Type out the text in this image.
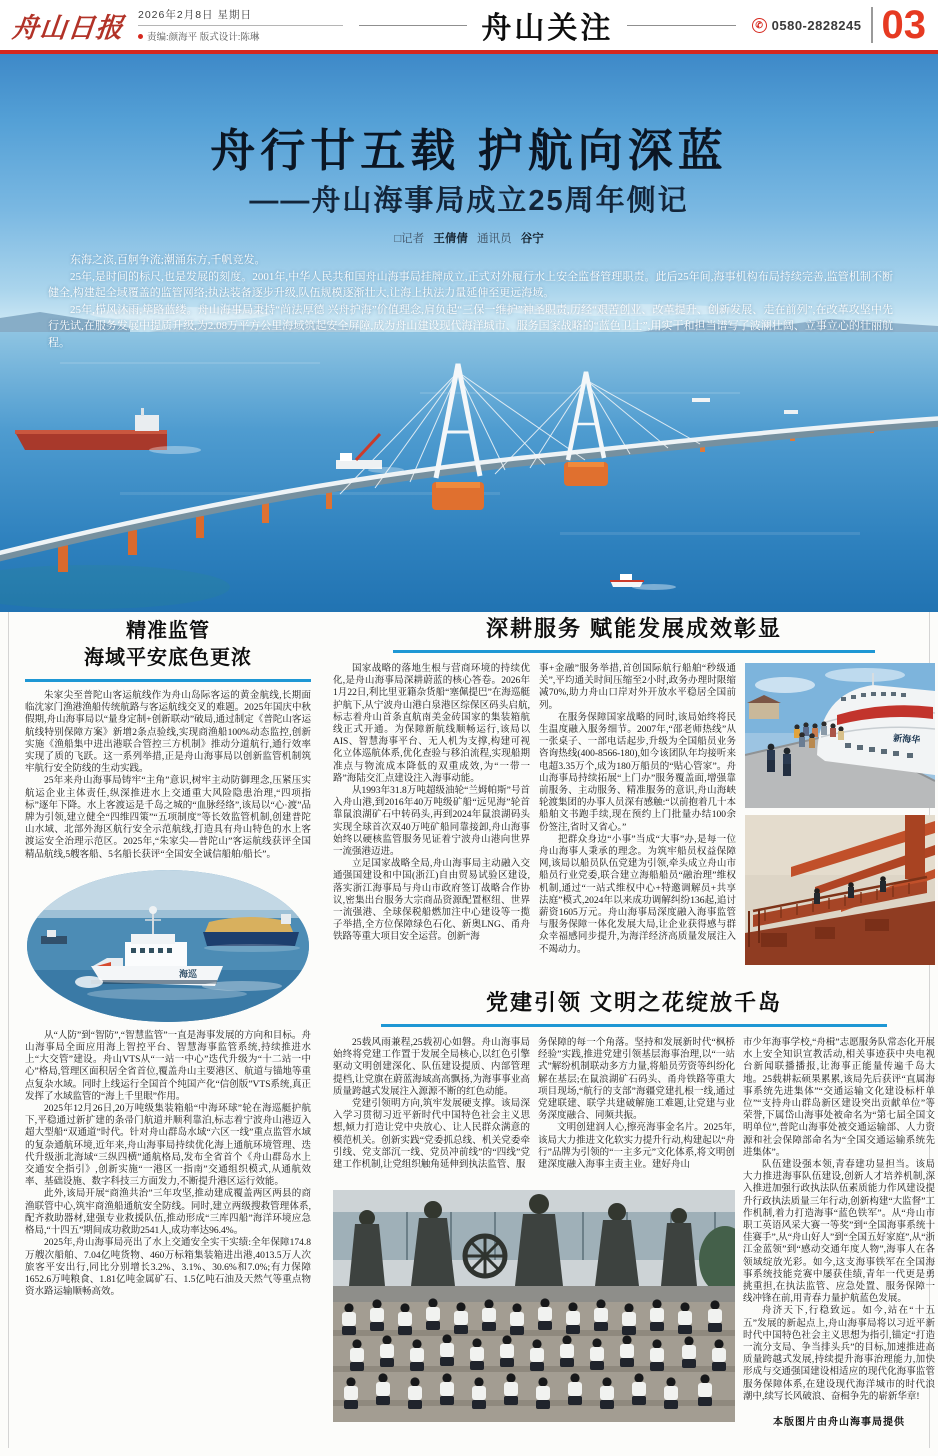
舟山日报 2026年2月8日 星期日
责编:颜海平 版式设计:陈琳	舟山关注	✆ 0580-2828245 03
舟行廿五载 护航向深蓝
——舟山海事局成立25周年侧记
□记者 王倩倩 通讯员 谷宁

东海之滨,百舸争流;潮涌东方,千帆竞发。

25年,是时间的标尺,也是发展的刻度。2001年,中华人民共和国舟山海事局挂牌成立,正式对外履行水上安全监督管理职责。此后25年间,海事机构布局持续完善,监管机制不断健全,构建起全域覆盖的监管网络;执法装备逐步升级,队伍规模逐渐壮大,让海上执法力量延伸至更远海域。

25年,栉风沐雨,筚路蓝缕。舟山海事局秉持“尚法厚德 兴舟护海”价值理念,肩负起“三保一维护”神圣职责,历经“艰苦创业、改革提升、创新发展、走在前列”,在改革攻坚中先行先试,在服务发展中提质升级,为2.08万平方公里海域筑起安全屏障,成为舟山建设现代海洋城市、服务国家战略的“蓝色卫士”,用实干和担当谱写了波澜壮阔、立事立心的壮丽航程。

精准监管
海域平安底色更浓

朱家尖至普陀山客运航线作为舟山岛际客运的黄金航线,长期面临沈家门渔港渔船传统航路与客运航线交叉的难题。2025年国庆中秋假期,舟山海事局以“量身定制+创新联动”破局,通过制定《普陀山客运航线特别保障方案》新增2条点验线,实现商渔船100%动态监控,创新实施《渔船集中进出港联合管控三方机制》推动分道航行,通行效率实现了质的飞跃。这一系列举措,正是舟山海事局以创新监管机制筑牢航行安全防线的生动实践。

25年来舟山海事局铸牢“主角”意识,树牢主动防御理念,压紧压实航运企业主体责任,纵深推进水上交通重大风险隐患治理,“四项指标”逐年下降。水上客渡运是千岛之城的“血脉经络”,该局以“心·渡”品牌为引领,建立健全“四维四策”“五项制度”等长效监管机制,创建普陀山水域、北部外海区航行安全示范航线,打造具有舟山特色的水上客渡运安全治理示范区。2025年,“朱家尖—普陀山”客运航线获评全国精品航线,5艘客船、5名船长获评“全国安全诚信船舶/船长”。

海巡

从“人防”到“智防”,“智慧监管”一直是海事发展的方向和目标。舟山海事局全面应用海上智控平台、智慧海事监管系统,持续推进水上“大交管”建设。舟山VTS从“一站一中心”迭代升级为“十二站一中心”格局,管理区面积居全省首位,覆盖舟山主要港区、航道与锚地等重点复杂水域。同时上线运行全国首个纯国产化“信创版”VTS系统,真正发挥了水域监管的“海上千里眼”作用。

2025年12月26日,20万吨级集装箱船“中海环球”轮在海巡艇护航下,平稳通过新扩建的条帚门航道并顺利靠泊,标志着宁波舟山港迈入超大型船“双通道”时代。针对舟山群岛水域“六区一线”重点监管水域的复杂通航环境,近年来,舟山海事局持续优化海上通航环境管理、迭代升级浙北海域“三纵四横”通航格局,发布全省首个《舟山群岛水上交通安全指引》,创新实施“一港区一指南”交通组织模式,从通航效率、基础设施、数字科技三方面发力,不断提升港区运行效能。

此外,该局开展“商渔共治”三年攻坚,推动建成覆盖两区两县的商渔联管中心,筑牢商渔船通航安全防线。同时,建立两级搜救管理体系,配齐救助器材,建强专业救援队伍,推动形成“三库四船”海洋环境应急格局,“十四五”期间成功救助2541人,成功率达96.4%。

2025年,舟山海事局亮出了水上交通安全实干实绩:全年保障174.8万艘次船舶、7.04亿吨货物、460万标箱集装箱进出港,4013.5万人次旅客平安出行,同比分别增长3.2%、3.1%、30.6%和7.0%;有力保障1652.6万吨粮食、1.81亿吨金属矿石、1.5亿吨石油及天然气等重点物资水路运输顺畅高效。

深耕服务 赋能发展成效彰显

国家战略的落地生根与营商环境的持续优化,是舟山海事局深耕蔚蓝的核心答卷。2026年1月22日,利比里亚籍杂货船“塞佩提巴”在海巡艇护航下,从宁波舟山港白泉港区综保区码头启航,标志着舟山首条直航南美金砖国家的集装箱航线正式开通。为保障新航线顺畅运行,该局以AIS、智慧海事平台、无人机为支撑,构建可视化立体巡航体系,优化查验与移泊流程,实现船期准点与物流成本降低的双重成效,为“一带一路”海陆交汇点建设注入海事动能。

从1993年31.8万吨超级油轮“兰姆帕斯”号首入舟山港,到2016年40万吨级矿船“远见海”轮首靠鼠浪湖矿石中转码头,再到2024年鼠浪湖码头实现全球首次双40万吨矿船同靠接卸,舟山海事始终以硬核监管服务见证着宁波舟山港向世界一流强港迈进。

立足国家战略全局,舟山海事局主动融入交通强国建设和中国(浙江)自由贸易试验区建设,落实浙江海事局与舟山市政府签订战略合作协议,密集出台服务大宗商品资源配置枢纽、世界一流强港、全球保税船燃加注中心建设等一揽子举措,全方位保障绿色石化、新奥LNG、甬舟铁路等重大项目安全运营。创新“海

事+金融”服务举措,首创国际航行船舶“秒级通关”,平均通关时间压缩至2小时,政务办理时限缩减70%,助力舟山口岸对外开放水平稳居全国前列。

在服务保障国家战略的同时,该局始终将民生温度融入服务细节。2007年,“邵老师热线”从一张桌子、一部电话起步,升级为全国船员业务咨询热线(400-8566-180),如今该团队年均接听来电超3.35万个,成为180万船员的“贴心管家”。舟山海事局持续拓展“上门办”服务覆盖面,增强靠前服务、主动服务、精准服务的意识,舟山海峡轮渡集团的办事人员深有感触:“以前抱着几十本船舶文书跑手续,现在预约上门批量办结100余份签注,省时又省心。”

把群众身边“小事”当成“大事”办,是每一位舟山海事人秉承的理念。为筑牢船员权益保障网,该局以船员队伍党建为引领,牵头成立舟山市船员行业党委,联合建立海船船员“融治理”维权机制,通过“一站式维权中心+特邀调解员+共享法庭”模式,2024年以来成功调解纠纷136起,追讨薪资1605万元。舟山海事局深度融入海事监管与服务保障一体化发展大局,让企业获得感与群众幸福感同步提升,为海洋经济高质量发展注入不竭动力。

新海华
党建引领 文明之花绽放千岛

25载风雨兼程,25载初心如磐。舟山海事局始终将党建工作置于发展全局核心,以红色引擎驱动文明创建深化、队伍建设提质、内部管理提档,让党旗在蔚蓝海域高高飘扬,为海事事业高质量跨越式发展注入源源不断的红色动能。

党建引领明方向,筑牢发展硬支撑。该局深入学习贯彻习近平新时代中国特色社会主义思想,倾力打造让党中央放心、让人民群众满意的模范机关。创新实践“党委抓总线、机关党委牵引线、党支部沉一线、党员冲前线”的“四线”党建工作机制,让党组织触角延伸到执法监管、服

务保障的每一个角落。坚持和发展新时代“枫桥经验”实践,推进党建引领基层海事治理,以“一站式”解纷机制联动多方力量,将船员劳资等纠纷化解在基层;在鼠浪湖矿石码头、甬舟铁路等重大项目现场,“航行的支部”海疆党建扎根一线,通过党建联建、联学共建破解施工难题,让党建与业务深度融合、同频共振。

文明创建润人心,擦亮海事金名片。2025年,该局大力推进文化软实力提升行动,构建起以“舟行”品牌为引领的“一主多元”文化体系,将文明创建深度融入海事主责主业。建好舟山

市少年海事学校,“舟楫”志愿服务队常态化开展水上安全知识宣教活动,相关事迹获中央电视台新闻联播播报,让海事正能量传遍千岛大地。25载耕耘硕果累累,该局先后获评“直属海事系统先进集体”“交通运输文化建设标杆单位”“支持舟山群岛新区建设突出贡献单位”等荣誉,下属岱山海事处被命名为“第七届全国文明单位”,普陀山海事处被交通运输部、人力资源和社会保障部命名为“全国交通运输系统先进集体”。

队伍建设强本领,青春建功显担当。该局大力推进海事队伍建设,创新人才培养机制,深入推进加强行政执法队伍素质能力作风建设提升行政执法质量三年行动,创新构建“大监督”工作机制,着力打造海事“蓝色铁军”。从“舟山市职工英语风采大赛一等奖”到“全国海事系统十佳赛手”,从“舟山好人”到“全国五好家庭”,从“浙江金蓝领”到“感动交通年度人物”,海事人在各领域绽放光彩。如今,这支海事铁军在全国海事系统技能竞赛中屡获佳绩,青年一代更是勇挑重担,在执法监管、应急处置、服务保障一线冲锋在前,用青春力量护航蓝色发展。

舟济天下,行稳致远。如今,站在“十五五”发展的新起点上,舟山海事局将以习近平新时代中国特色社会主义思想为指引,锚定“打造一流分支局、争当排头兵”的目标,加速推进高质量跨越式发展,持续提升海事治理能力,加快形成与交通强国建设相适应的现代化海事监管服务保障体系,在建设现代海洋城市的时代浪潮中,续写长风破浪、奋楫争先的崭新华章!

本版图片由舟山海事局提供
